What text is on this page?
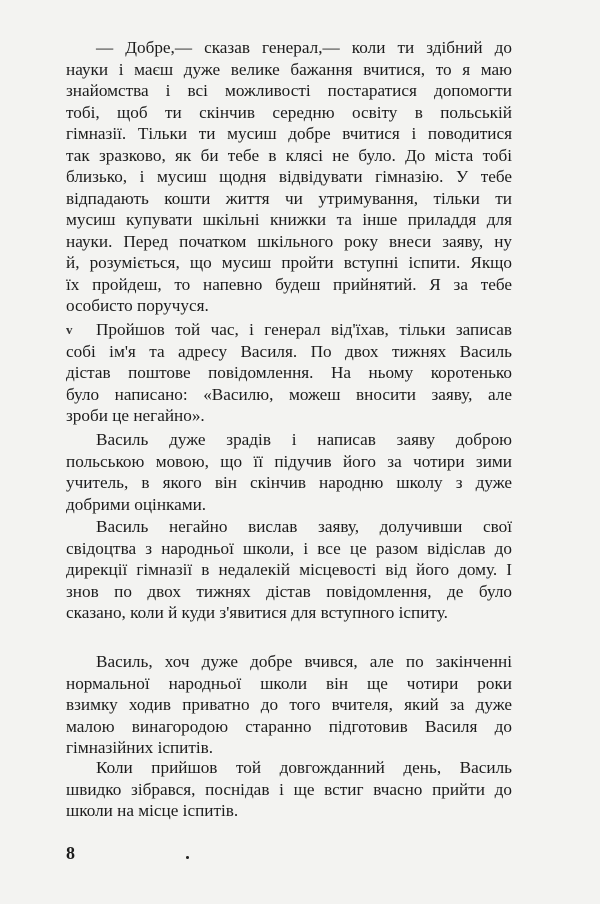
— Добре,— сказав генерал,— коли ти здібний до
науки і маєш дуже велике бажання вчитися, то я маю
знайомства і всі можливості постаратися допомогти
тобі, щоб ти скінчив середню освіту в польській
гімназії. Тільки ти мусиш добре вчитися і поводитися
так зразково, як би тебе в клясі не було. До міста тобі
близько, і мусиш щодня відвідувати гімназію. У тебе
відпадають кошти життя чи утримування, тільки ти
мусиш купувати шкільні книжки та інше приладдя для
науки. Перед початком шкільного року внеси заяву, ну
й, розуміється, що мусиш пройти вступні іспити. Якщо
їх пройдеш, то напевно будеш прийнятий. Я за тебе
особисто поручуся.
v	Пройшов той час, і генерал від'їхав, тільки записав
собі ім'я та адресу Василя. По двох тижнях Василь
дістав поштове повідомлення. На ньому коротенько
було написано: «Василю, можеш вносити заяву, але
зроби це негайно».
Василь дуже зрадів і написав заяву доброю
польською мовою, що її підучив його за чотири зими
учитель, в якого він скінчив народню школу з дуже
добрими оцінками.
Василь негайно вислав заяву, долучивши свої
свідоцтва з народньої школи, і все це разом відіслав до
дирекції гімназії в недалекій місцевості від його дому. І
знов по двох тижнях дістав повідомлення, де було
сказано, коли й куди з'явитися для вступного іспиту.
Василь, хоч дуже добре вчився, але по закінченні
нормальної народньої школи він ще чотири роки
взимку ходив приватно до того вчителя, який за дуже
малою винагородою старанно підготовив Василя до
гімназійних іспитів.
Коли прийшов той довгожданний день, Василь
швидко зібрався, поснідав і ще встиг вчасно прийти до
школи на місце іспитів.
8
